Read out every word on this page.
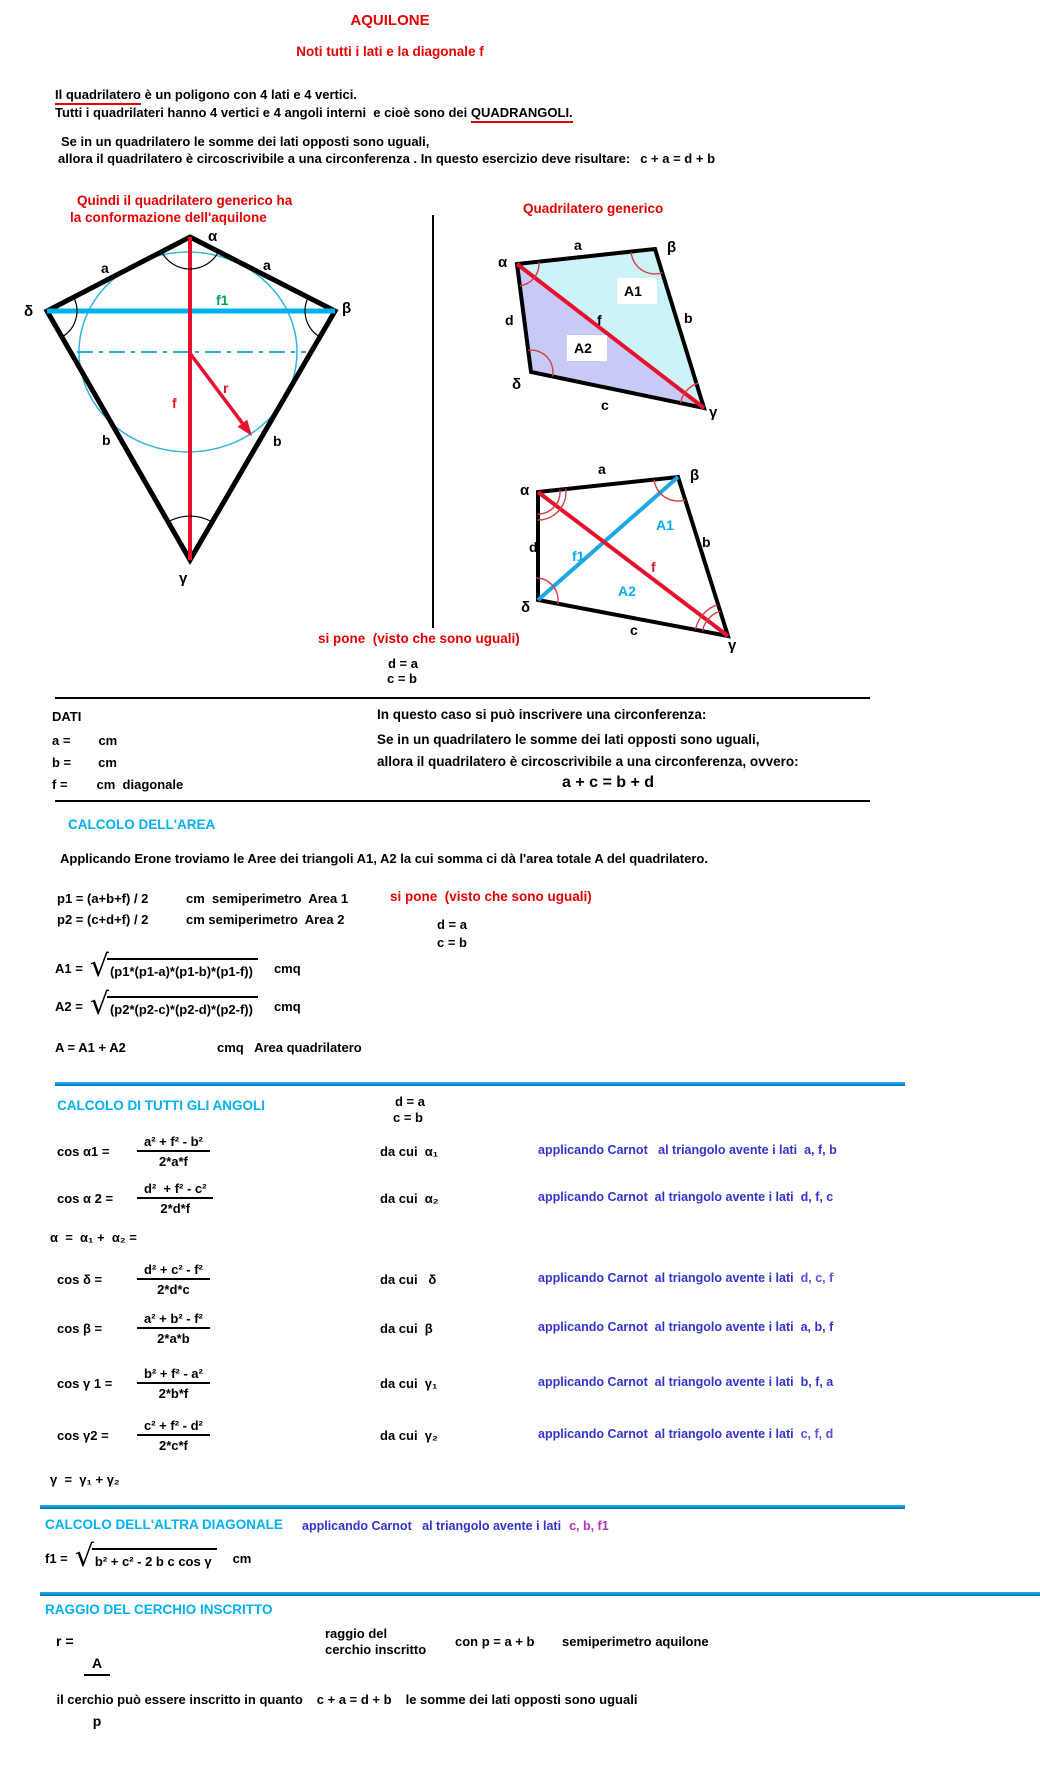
AQUILONE
Noti tutti i lati e la diagonale f
Il quadrilatero è un poligono con 4 lati e 4 vertici.
Tutti i quadrilateri hanno 4 vertici e 4 angoli interni  e cioè sono dei QUADRANGOLI.
Se in un quadrilatero le somme dei lati opposti sono uguali,
allora il quadrilatero è circoscrivibile a una circonferenza . In questo esercizio deve risultare: c + a = d + b
Quindi il quadrilatero generico ha
la conformazione dell'aquilone
α
a	a
f1
δ	β
r
f
b	b
γ
Quadrilatero generico
a	β
α
d	b
f
A1
A2
δ
c	γ
a	β
α
d	b
f1
f
A1
A2
δ
c
γ
si pone  (visto che sono uguali)
d = a
c = b
DATI
a = cm
b = cm
f = cm  diagonale
In questo caso si può inscrivere una circonferenza:
Se in un quadrilatero le somme dei lati opposti sono uguali,
allora il quadrilatero è circoscrivibile a una circonferenza, ovvero:
a + c = b + d
CALCOLO DELL'AREA
Applicando Erone troviamo le Aree dei triangoli A1, A2 la cui somma ci dà l'area totale A del quadrilatero.
p1 = (a+b+f) / 2	cm  semiperimetro  Area 1	si pone  (visto che sono uguali)
p2 = (c+d+f) / 2	cm semiperimetro  Area 2	d = a
c = b
A1 = √ (p1*(p1-a)*(p1-b)*(p1-f))	cmq
A2 = √ (p2*(p2-c)*(p2-d)*(p2-f))	cmq
A = A1 + A2	cmq   Area quadrilatero
CALCOLO DI TUTTI GLI ANGOLI	d = a
c = b
cos α1 =
a² + f² - b²
2*a*f
da cui  α₁	applicando Carnot   al triangolo avente i lati a, f, b
cos α 2 =
d²  + f² - c²
2*d*f
da cui  α₂	applicando Carnot  al triangolo avente i lati d, f, c
α  =  α₁ +  α₂ =
cos δ =
d² + c² - f²
2*d*c
da cui   δ	applicando Carnot  al triangolo avente i lati d, c, f
cos β =
a² + b² - f²
2*a*b
da cui  β	applicando Carnot  al triangolo avente i lati a, b, f
cos γ 1 =
b² + f² - a²
2*b*f
da cui  γ₁	applicando Carnot  al triangolo avente i lati b, f, a
cos γ2 =
c² + f² - d²
2*c*f
da cui  γ₂	applicando Carnot  al triangolo avente i lati c, f, d
γ  =  γ₁ + γ₂
CALCOLO DELL'ALTRA DIAGONALE applicando Carnot   al triangolo avente i lati c, b, f1
f1 = √ b² + c² - 2 b c cos γ	cm
RAGGIO DEL CERCHIO INSCRITTO
r =

$\frac{A}{p}$

	raggio del
cerchio inscritto
con p = a + b semiperimetro aquilone

il cerchio può essere inscritto in quanto c + a = d + b le somme dei lati opposti sono uguali
